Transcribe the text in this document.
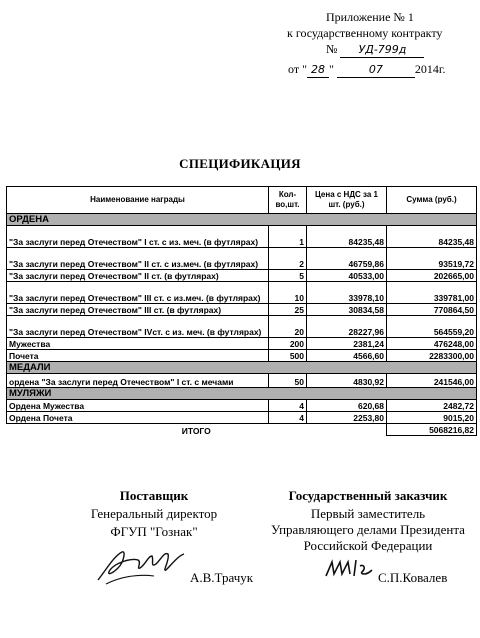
Приложение № 1
к государственному контракту
№ УД-799д
от " 28 "	07	2014г.
СПЕЦИФИКАЦИЯ
Наименование награды	Кол-во,шт.	Цена с НДС за 1 шт. (руб.)	Сумма (руб.)
ОРДЕНА			
"За заслуги перед Отечеством" I ст. с из. меч. (в футлярах)	1	84235,48	84235,48
"За заслуги перед Отечеством" II ст. с из.меч. (в футлярах)	2	46759,86	93519,72
"За заслуги перед Отечеством" II ст. (в футлярах)	5	40533,00	202665,00
"За заслуги перед Отечеством" III ст. с из.меч. (в футлярах)	10	33978,10	339781,00
"За заслуги перед Отечеством" III ст. (в футлярах)	25	30834,58	770864,50
"За заслуги перед Отечеством" IVст. с из. меч. (в футлярах)	20	28227,96	564559,20
Мужества	200	2381,24	476248,00
Почета	500	4566,60	2283300,00
МЕДАЛИ			
ордена "За заслуги перед Отечеством" I ст. с мечами	50	4830,92	241546,00
МУЛЯЖИ			
Ордена Мужества	4	620,68	2482,72
Ордена Почета	4	2253,80	9015,20
ИТОГО			5068216,82
Поставщик
Генеральный директор
ФГУП "Гознак"
А.В.Трачук
Государственный заказчик
Первый заместитель
Управляющего делами Президента
Российской Федерации
С.П.Ковалев
